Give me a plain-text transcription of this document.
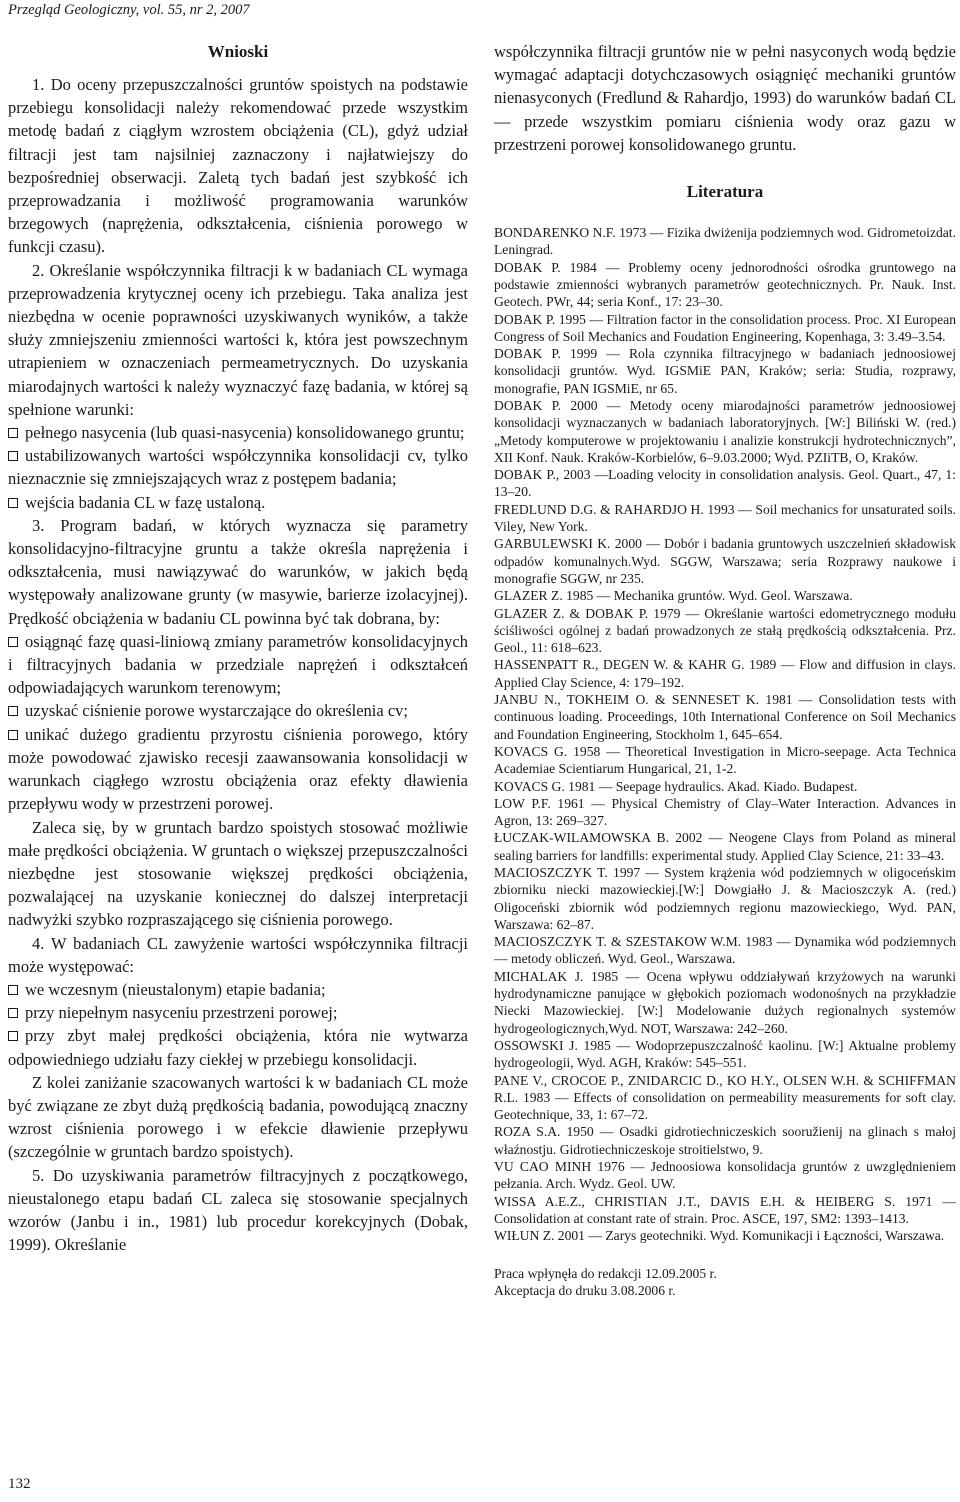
Przegląd Geologiczny, vol. 55, nr 2, 2007
Wnioski

1. Do oceny przepuszczalności gruntów spoistych na podstawie przebiegu konsolidacji należy rekomendować przede wszystkim metodę badań z ciągłym wzrostem obciążenia (CL), gdyż udział filtracji jest tam najsilniej zaznaczony i najłatwiejszy do bezpośredniej obserwacji. Zaletą tych badań jest szybkość ich przeprowadzania i możliwość programowania warunków brzegowych (naprężenia, odkształcenia, ciśnienia porowego w funkcji czasu).

2. Określanie współczynnika filtracji k w badaniach CL wymaga przeprowadzenia krytycznej oceny ich przebiegu. Taka analiza jest niezbędna w ocenie poprawności uzyskiwanych wyników, a także służy zmniejszeniu zmienności wartości k, która jest powszechnym utrapieniem w oznaczeniach permeametrycznych. Do uzyskania miarodajnych wartości k należy wyznaczyć fazę badania, w której są spełnione warunki:

pełnego nasycenia (lub quasi-nasycenia) konsolidowanego gruntu;

ustabilizowanych wartości współczynnika konsolidacji cv, tylko nieznacznie się zmniejszających wraz z postępem badania;

wejścia badania CL w fazę ustaloną.

3. Program badań, w których wyznacza się parametry konsolidacyjno-filtracyjne gruntu a także określa naprężenia i odkształcenia, musi nawiązywać do warunków, w jakich będą występowały analizowane grunty (w masywie, barierze izolacyjnej). Prędkość obciążenia w badaniu CL powinna być tak dobrana, by:

osiągnąć fazę quasi-liniową zmiany parametrów konsolidacyjnych i filtracyjnych badania w przedziale naprężeń i odkształceń odpowiadających warunkom terenowym;

uzyskać ciśnienie porowe wystarczające do określenia cv;

unikać dużego gradientu przyrostu ciśnienia porowego, który może powodować zjawisko recesji zaawansowania konsolidacji w warunkach ciągłego wzrostu obciążenia oraz efekty dławienia przepływu wody w przestrzeni porowej.

Zaleca się, by w gruntach bardzo spoistych stosować możliwie małe prędkości obciążenia. W gruntach o większej przepuszczalności niezbędne jest stosowanie większej prędkości obciążenia, pozwalającej na uzyskanie koniecznej do dalszej interpretacji nadwyżki szybko rozpraszającego się ciśnienia porowego.

4. W badaniach CL zawyżenie wartości współczynnika filtracji może występować:

we wczesnym (nieustalonym) etapie badania;

przy niepełnym nasyceniu przestrzeni porowej;

przy zbyt małej prędkości obciążenia, która nie wytwarza odpowiedniego udziału fazy ciekłej w przebiegu konsolidacji.

Z kolei zaniżanie szacowanych wartości k w badaniach CL może być związane ze zbyt dużą prędkością badania, powodującą znaczny wzrost ciśnienia porowego i w efekcie dławienie przepływu (szczególnie w gruntach bardzo spoistych).

5. Do uzyskiwania parametrów filtracyjnych z początkowego, nieustalonego etapu badań CL zaleca się stosowanie specjalnych wzorów (Janbu i in., 1981) lub procedur korekcyjnych (Dobak, 1999). Określanie

współczynnika filtracji gruntów nie w pełni nasyconych wodą będzie wymagać adaptacji dotychczasowych osiągnięć mechaniki gruntów nienasyconych (Fredlund & Rahardjo, 1993) do warunków badań CL — przede wszystkim pomiaru ciśnienia wody oraz gazu w przestrzeni porowej konsolidowanego gruntu.

Literatura

BONDARENKO N.F. 1973 — Fizika dwiżenija podziemnych wod. Gidrometoizdat. Leningrad.

DOBAK P. 1984 — Problemy oceny jednorodności ośrodka gruntowego na podstawie zmienności wybranych parametrów geotechnicznych. Pr. Nauk. Inst. Geotech. PWr, 44; seria Konf., 17: 23–30.

DOBAK P. 1995 — Filtration factor in the consolidation process. Proc. XI European Congress of Soil Mechanics and Foudation Engineering, Kopenhaga, 3: 3.49–3.54.

DOBAK P. 1999 — Rola czynnika filtracyjnego w badaniach jednoosiowej konsolidacji gruntów. Wyd. IGSMiE PAN, Kraków; seria: Studia, rozprawy, monografie, PAN IGSMiE, nr 65.

DOBAK P. 2000 — Metody oceny miarodajności parametrów jednoosiowej konsolidacji wyznaczanych w badaniach laboratoryjnych. [W:] Biliński W. (red.) „Metody komputerowe w projektowaniu i analizie konstrukcji hydrotechnicznych”, XII Konf. Nauk. Kraków-Korbielów, 6–9.03.2000; Wyd. PZIiTB, O, Kraków.

DOBAK P., 2003 —Loading velocity in consolidation analysis. Geol. Quart., 47, 1: 13–20.

FREDLUND D.G. & RAHARDJO H. 1993 — Soil mechanics for unsaturated soils. Viley, New York.

GARBULEWSKI K. 2000 — Dobór i badania gruntowych uszczelnień składowisk odpadów komunalnych.Wyd. SGGW, Warszawa; seria Rozprawy naukowe i monografie SGGW, nr 235.

GLAZER Z. 1985 — Mechanika gruntów. Wyd. Geol. Warszawa.

GLAZER Z. & DOBAK P. 1979 — Określanie wartości edometrycznego modułu ściśliwości ogólnej z badań prowadzonych ze stałą prędkością odkształcenia. Prz. Geol., 11: 618–623.

HASSENPATT R., DEGEN W. & KAHR G. 1989 — Flow and diffusion in clays. Applied Clay Science, 4: 179–192.

JANBU N., TOKHEIM O. & SENNESET K. 1981 — Consolidation tests with continuous loading. Proceedings, 10th International Conference on Soil Mechanics and Foundation Engineering, Stockholm 1, 645–654.

KOVACS G. 1958 — Theoretical Investigation in Micro-seepage. Acta Technica Academiae Scientiarum Hungarical, 21, 1-2.

KOVACS G. 1981 — Seepage hydraulics. Akad. Kiado. Budapest.

LOW P.F. 1961 — Physical Chemistry of Clay–Water Interaction. Advances in Agron, 13: 269–327.

ŁUCZAK-WILAMOWSKA B. 2002 — Neogene Clays from Poland as mineral sealing barriers for landfills: experimental study. Applied Clay Science, 21: 33–43.

MACIOSZCZYK T. 1997 — System krążenia wód podziemnych w oligoceńskim zbiorniku niecki mazowieckiej.[W:] Dowgiałło J. & Macioszczyk A. (red.) Oligoceński zbiornik wód podziemnych regionu mazowieckiego, Wyd. PAN, Warszawa: 62–87.

MACIOSZCZYK T. & SZESTAKOW W.M. 1983 — Dynamika wód podziemnych — metody obliczeń. Wyd. Geol., Warszawa.

MICHALAK J. 1985 — Ocena wpływu oddziaływań krzyżowych na warunki hydrodynamiczne panujące w głębokich poziomach wodonośnych na przykładzie Niecki Mazowieckiej. [W:] Modelowanie dużych regionalnych systemów hydrogeologicznych,Wyd. NOT, Warszawa: 242–260.

OSSOWSKI J. 1985 — Wodoprzepuszczalność kaolinu. [W:] Aktualne problemy hydrogeologii, Wyd. AGH, Kraków: 545–551.

PANE V., CROCOE P., ZNIDARCIC D., KO H.Y., OLSEN W.H. & SCHIFFMAN R.L. 1983 — Effects of consolidation on permeability measurements for soft clay. Geotechnique, 33, 1: 67–72.

ROZA S.A. 1950 — Osadki gidrotiechniczeskich sooružienij na glinach s małoj właźnostju. Gidrotiechniczeskoje stroitielstwo, 9.

VU CAO MINH 1976 — Jednoosiowa konsolidacja gruntów z uwzględnieniem pełzania. Arch. Wydz. Geol. UW.

WISSA A.E.Z., CHRISTIAN J.T., DAVIS E.H. & HEIBERG S. 1971 — Consolidation at constant rate of strain. Proc. ASCE, 197, SM2: 1393–1413.

WIŁUN Z. 2001 — Zarys geotechniki. Wyd. Komunikacji i Łączności, Warszawa.

Praca wpłynęła do redakcji 12.09.2005 r.
Akceptacja do druku 3.08.2006 r.
132
